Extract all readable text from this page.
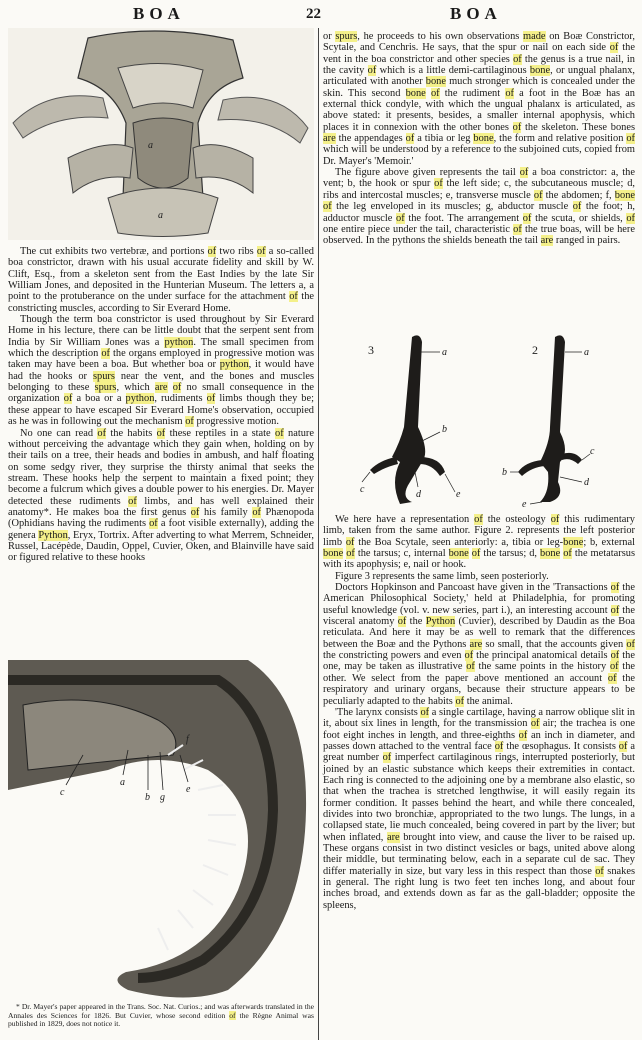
BOA	22	BOA
a
a

The cut exhibits two vertebræ, and portions of two ribs of a so-called boa constrictor, drawn with his usual accurate fidelity and skill by W. Clift, Esq., from a skeleton sent from the East Indies by the late Sir William Jones, and deposited in the Hunterian Museum. The letters a, a point to the protuberance on the under surface for the attachment of the constricting muscles, according to Sir Everard Home.

Though the term boa constrictor is used throughout by Sir Everard Home in his lecture, there can be little doubt that the serpent sent from India by Sir William Jones was a python. The small specimen from which the description of the organs employed in progressive motion was taken may have been a boa. But whether boa or python, it would have had the hooks or spurs near the vent, and the bones and muscles belonging to these spurs, which are of no small consequence in the organization of a boa or a python, rudiments of limbs though they be; these appear to have escaped Sir Everard Home's observation, occupied as he was in following out the mechanism of progressive motion.

No one can read of the habits of these reptiles in a state of nature without perceiving the advantage which they gain when, holding on by their tails on a tree, their heads and bodies in ambush, and half floating on some sedgy river, they surprise the thirsty animal that seeks the stream. These hooks help the serpent to maintain a fixed point; they become a fulcrum which gives a double power to his energies. Dr. Mayer detected these rudiments of limbs, and has well explained their anatomy*. He makes boa the first genus of his family of Phænopoda (Ophidians having the rudiments of a foot visible externally), adding the genera Python, Eryx, Tortrix. After adverting to what Merrem, Schneider, Russel, Lacépède, Daudin, Oppel, Cuvier, Oken, and Blainville have said or figured relative to these hooks

c
a
b g
e
f

* Dr. Mayer's paper appeared in the Trans. Soc. Nat. Curios.; and was afterwards translated in the Annales des Sciences for 1826. But Cuvier, whose second edition of the Règne Animal was published in 1829, does not notice it.

or spurs, he proceeds to his own observations made on Boæ Constrictor, Scytale, and Cenchris. He says, that the spur or nail on each side of the vent in the boa constrictor and other species of the genus is a true nail, in the cavity of which is a little demi-cartilaginous bone, or ungual phalanx, articulated with another bone much stronger which is concealed under the skin. This second bone of the rudiment of a foot in the Boæ has an external thick condyle, with which the ungual phalanx is articulated, as above stated: it presents, besides, a smaller internal apophysis, which places it in connexion with the other bones of the skeleton. These bones are the appendages of a tibia or leg bone, the form and relative position of which will be understood by a reference to the subjoined cuts, copied from Dr. Mayer's 'Memoir.'

The figure above given represents the tail of a boa constrictor: a, the vent; b, the hook or spur of the left side; c, the subcutaneous muscle; d, ribs and intercostal muscles; e, transverse muscle of the abdomen; f, bone of the leg enveloped in its muscles; g, abductor muscle of the foot; h, adductor muscle of the foot. The arrangement of the scuta, or shields, of one entire piece under the tail, characteristic of the true boas, will be here observed. In the pythons the shields beneath the tail are ranged in pairs.

3	a
b
c	d	e
2	a
c
b
d
e

We here have a representation of the osteology of this rudimentary limb, taken from the same author. Figure 2. represents the left posterior limb of the Boa Scytale, seen anteriorly: a, tibia or leg-bone; b, external bone of the tarsus; c, internal bone of the tarsus; d, bone of the metatarsus with its apophysis; e, nail or hook.

Figure 3 represents the same limb, seen posteriorly.

Doctors Hopkinson and Pancoast have given in the 'Transactions of the American Philosophical Society,' held at Philadelphia, for promoting useful knowledge (vol. v. new series, part i.), an interesting account of the visceral anatomy of the Python (Cuvier), described by Daudin as the Boa reticulata. And here it may be as well to remark that the differences between the Boæ and the Pythons are so small, that the accounts given of the constricting powers and even of the principal anatomical details of the one, may be taken as illustrative of the same points in the history of the other. We select from the paper above mentioned an account of the respiratory and urinary organs, because their structure appears to be peculiarly adapted to the habits of the animal.

'The larynx consists of a single cartilage, having a narrow oblique slit in it, about six lines in length, for the transmission of air; the trachea is one foot eight inches in length, and three-eighths of an inch in diameter, and passes down attached to the ventral face of the œsophagus. It consists of a great number of imperfect cartilaginous rings, interrupted posteriorly, but joined by an elastic substance which keeps their extremities in contact. Each ring is connected to the adjoining one by a membrane also elastic, so that when the trachea is stretched lengthwise, it will easily regain its former condition. It passes behind the heart, and while there concealed, divides into two bronchiæ, appropriated to the two lungs. The lungs, in a collapsed state, lie much concealed, being covered in part by the liver; but when inflated, are brought into view, and cause the liver to be raised up. These organs consist in two distinct vesicles or bags, united above along their middle, but terminating below, each in a separate cul de sac. They differ materially in size, but vary less in this respect than those of snakes in general. The right lung is two feet ten inches long, and about four inches broad, and extends down as far as the gall-bladder; opposite the spleens,
